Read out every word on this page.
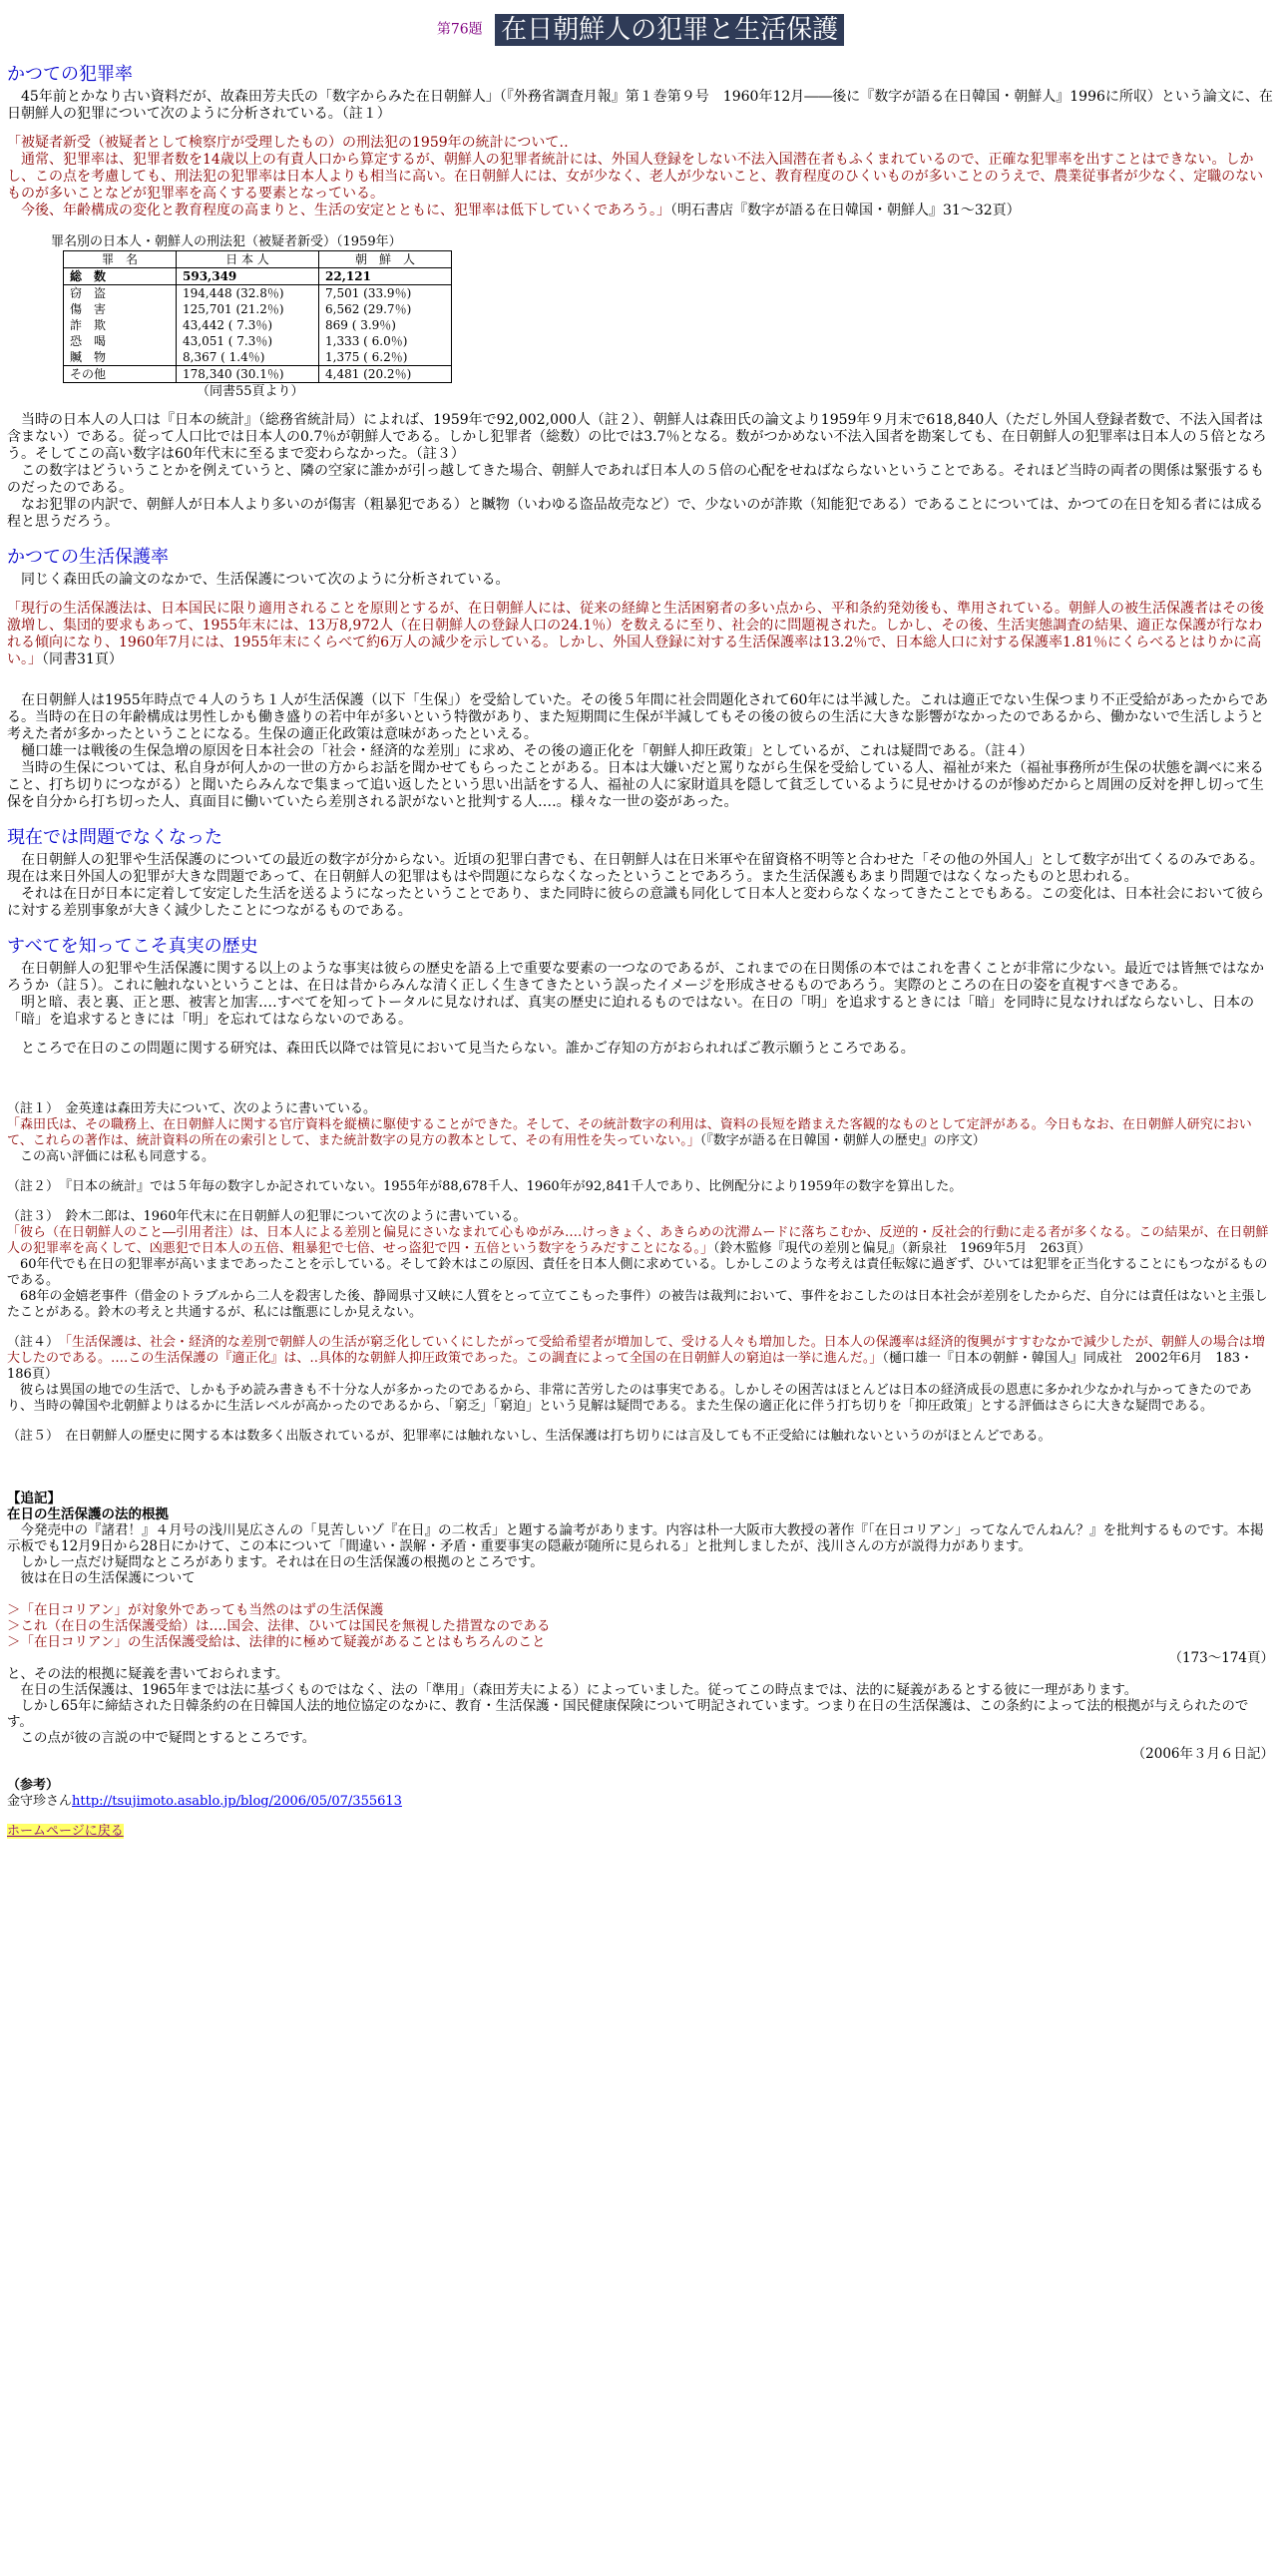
第76題 在日朝鮮人の犯罪と生活保護
かつての犯罪率

　45年前とかなり古い資料だが、故森田芳夫氏の「数字からみた在日朝鮮人」（『外務省調査月報』第１巻第９号　1960年12月――後に『数字が語る在日韓国・朝鮮人』1996に所収）という論文に、在日朝鮮人の犯罪について次のように分析されている。（註１）

「被疑者新受（被疑者として検察庁が受理したもの）の刑法犯の1959年の統計について‥

　通常、犯罪率は、犯罪者数を14歳以上の有責人口から算定するが、朝鮮人の犯罪者統計には、外国人登録をしない不法入国潜在者もふくまれているので、正確な犯罪率を出すことはできない。しかし、この点を考慮しても、刑法犯の犯罪率は日本人よりも相当に高い。在日朝鮮人には、女が少なく、老人が少ないこと、教育程度のひくいものが多いことのうえで、農業従事者が少なく、定職のないものが多いことなどが犯罪率を高くする要素となっている。

　今後、年齢構成の変化と教育程度の高まりと、生活の安定とともに、犯罪率は低下していくであろう。」（明石書店『数字が語る在日韓国・朝鮮人』31～32頁）

罪名別の日本人・朝鮮人の刑法犯（被疑者新受）（1959年）
罪　名	日 本 人	朝　鮮　人
総　数	593,349	22,121
窃　盗	194,448 (32.8％)	7,501 (33.9％)
傷　害	125,701 (21.2％)	6,562 (29.7％)
詐　欺	43,442 ( 7.3％)	869 ( 3.9％)
恐　喝	43,051 ( 7.3％)	1,333 ( 6.0％)
贓　物	8,367 ( 1.4％)	1,375 ( 6.2％)
その他	178,340 (30.1％)	4,481 (20.2％)
（同書55頁より）

　当時の日本人の人口は『日本の統計』（総務省統計局）によれば、1959年で92,002,000人（註２）、朝鮮人は森田氏の論文より1959年９月末で618,840人（ただし外国人登録者数で、不法入国者は含まない）である。従って人口比では日本人の0.7％が朝鮮人である。しかし犯罪者（総数）の比では3.7％となる。数がつかめない不法入国者を勘案しても、在日朝鮮人の犯罪率は日本人の５倍となろう。そしてこの高い数字は60年代末に至るまで変わらなかった。（註３）

　この数字はどういうことかを例えていうと、隣の空家に誰かが引っ越してきた場合、朝鮮人であれば日本人の５倍の心配をせねばならないということである。それほど当時の両者の関係は緊張するものだったのである。

　なお犯罪の内訳で、朝鮮人が日本人より多いのが傷害（粗暴犯である）と贓物（いわゆる盗品故売など）で、少ないのが詐欺（知能犯である）であることについては、かつての在日を知る者には成る程と思うだろう。

かつての生活保護率

　同じく森田氏の論文のなかで、生活保護について次のように分析されている。

「現行の生活保護法は、日本国民に限り適用されることを原則とするが、在日朝鮮人には、従来の経緯と生活困窮者の多い点から、平和条約発効後も、準用されている。朝鮮人の被生活保護者はその後激増し、集団的要求もあって、1955年末には、13万8,972人（在日朝鮮人の登録人口の24.1％）を数えるに至り、社会的に問題視された。しかし、その後、生活実態調査の結果、適正な保護が行なわれる傾向になり、1960年7月には、1955年末にくらべて約6万人の減少を示している。しかし、外国人登録に対する生活保護率は13.2％で、日本総人口に対する保護率1.81％にくらべるとはりかに高い。」（同書31頁）

　在日朝鮮人は1955年時点で４人のうち１人が生活保護（以下「生保」）を受給していた。その後５年間に社会問題化されて60年には半減した。これは適正でない生保つまり不正受給があったからである。当時の在日の年齢構成は男性しかも働き盛りの若中年が多いという特徴があり、また短期間に生保が半減してもその後の彼らの生活に大きな影響がなかったのであるから、働かないで生活しようと考えた者が多かったということになる。生保の適正化政策は意味があったといえる。

　樋口雄一は戦後の生保急増の原因を日本社会の「社会・経済的な差別」に求め、その後の適正化を「朝鮮人抑圧政策」としているが、これは疑問である。（註４）

　当時の生保については、私自身が何人かの一世の方からお話を聞かせてもらったことがある。日本は大嫌いだと罵りながら生保を受給している人、福祉が来た（福祉事務所が生保の状態を調べに来ること、打ち切りにつながる）と聞いたらみんなで集まって追い返したという思い出話をする人、福祉の人に家財道具を隠して貧乏しているように見せかけるのが惨めだからと周囲の反対を押し切って生保を自分から打ち切った人、真面目に働いていたら差別される訳がないと批判する人‥‥。様々な一世の姿があった。

現在では問題でなくなった

　在日朝鮮人の犯罪や生活保護のについての最近の数字が分からない。近頃の犯罪白書でも、在日朝鮮人は在日米軍や在留資格不明等と合わせた「その他の外国人」として数字が出てくるのみである。現在は来日外国人の犯罪が大きな問題であって、在日朝鮮人の犯罪はもはや問題にならなくなったということであろう。また生活保護もあまり問題ではなくなったものと思われる。

　それは在日が日本に定着して安定した生活を送るようになったということであり、また同時に彼らの意識も同化して日本人と変わらなくなってきたことでもある。この変化は、日本社会において彼らに対する差別事象が大きく減少したことにつながるものである。

すべてを知ってこそ真実の歴史

　在日朝鮮人の犯罪や生活保護に関する以上のような事実は彼らの歴史を語る上で重要な要素の一つなのであるが、これまでの在日関係の本ではこれを書くことが非常に少ない。最近では皆無ではなかろうか（註５）。これに触れないということは、在日は昔からみんな清く正しく生きてきたという誤ったイメージを形成させるものであろう。実際のところの在日の姿を直視すべきである。

　明と暗、表と裏、正と悪、被害と加害‥‥すべてを知ってトータルに見なければ、真実の歴史に迫れるものではない。在日の「明」を追求するときには「暗」を同時に見なければならないし、日本の「暗」を追求するときには「明」を忘れてはならないのである。

　ところで在日のこの問題に関する研究は、森田氏以降では管見において見当たらない。誰かご存知の方がおられればご教示願うところである。

（註１）　金英達は森田芳夫について、次のように書いている。

「森田氏は、その職務上、在日朝鮮人に関する官庁資料を縦横に駆使することができた。そして、その統計数字の利用は、資料の長短を踏まえた客観的なものとして定評がある。今日もなお、在日朝鮮人研究において、これらの著作は、統計資料の所在の索引として、また統計数字の見方の教本として、その有用性を失っていない。」（『数字が語る在日韓国・朝鮮人の歴史』の序文）

　この高い評価には私も同意する。

（註２）　『日本の統計』では５年毎の数字しか記されていない。1955年が88,678千人、1960年が92,841千人であり、比例配分により1959年の数字を算出した。

（註３）　鈴木二郎は、1960年代末に在日朝鮮人の犯罪について次のように書いている。

「彼ら（在日朝鮮人のこと―引用者注）は、日本人による差別と偏見にさいなまれて心もゆがみ‥‥けっきょく、あきらめの沈滞ムードに落ちこむか、反逆的・反社会的行動に走る者が多くなる。この結果が、在日朝鮮人の犯罪率を高くして、凶悪犯で日本人の五倍、粗暴犯で七倍、せっ盗犯で四・五倍という数字をうみだすことになる。」（鈴木監修『現代の差別と偏見』（新泉社　1969年5月　263頁）

　60年代でも在日の犯罪率が高いままであったことを示している。そして鈴木はこの原因、責任を日本人側に求めている。しかしこのような考えは責任転嫁に過ぎず、ひいては犯罪を正当化することにもつながるものである。

　68年の金嬉老事件（借金のトラブルから二人を殺害した後、静岡県寸又峡に人質をとって立てこもった事件）の被告は裁判において、事件をおこしたのは日本社会が差別をしたからだ、自分には責任はないと主張したことがある。鈴木の考えと共通するが、私には甑悪にしか見えない。

（註４）　「生活保護は、社会・経済的な差別で朝鮮人の生活が窮乏化していくにしたがって受給希望者が増加して、受ける人々も増加した。日本人の保護率は経済的復興がすすむなかで減少したが、朝鮮人の場合は増大したのである。‥‥この生活保護の『適正化』は、‥具体的な朝鮮人抑圧政策であった。この調査によって全国の在日朝鮮人の窮迫は一挙に進んだ。」（樋口雄一『日本の朝鮮・韓国人』同成社　2002年6月　183・186頁）

　彼らは異国の地での生活で、しかも予め読み書きも不十分な人が多かったのであるから、非常に苦労したのは事実である。しかしその困苦はほとんどは日本の経済成長の恩恵に多かれ少なかれ与かってきたのであり、当時の韓国や北朝鮮よりはるかに生活レベルが高かったのであるから、「窮乏」「窮迫」という見解は疑問である。また生保の適正化に伴う打ち切りを「抑圧政策」とする評価はさらに大きな疑問である。

（註５）　在日朝鮮人の歴史に関する本は数多く出版されているが、犯罪率には触れないし、生活保護は打ち切りには言及しても不正受給には触れないというのがほとんどである。

【追記】

在日の生活保護の法的根拠

　今発売中の『諸君！』４月号の浅川晃広さんの「見苦しいゾ『在日』の二枚舌」と題する論考があります。内容は朴一大阪市大教授の著作『「在日コリアン」ってなんでんねん？』を批判するものです。本掲示板でも12月9日から28日にかけて、この本について「間違い・誤解・矛盾・重要事実の隠蔽が随所に見られる」と批判しましたが、浅川さんの方が説得力があります。

　しかし一点だけ疑問なところがあります。それは在日の生活保護の根拠のところです。

　彼は在日の生活保護について

＞「在日コリアン」が対象外であっても当然のはずの生活保護

＞これ（在日の生活保護受給）は‥‥国会、法律、ひいては国民を無視した措置なのである

＞「在日コリアン」の生活保護受給は、法律的に極めて疑義があることはもちろんのこと

（173～174頁）

と、その法的根拠に疑義を書いておられます。

　在日の生活保護は、1965年までは法に基づくものではなく、法の「準用」（森田芳夫による）によっていました。従ってこの時点までは、法的に疑義があるとする彼に一理があります。

　しかし65年に締結された日韓条約の在日韓国人法的地位協定のなかに、教育・生活保護・国民健康保険について明記されています。つまり在日の生活保護は、この条約によって法的根拠が与えられたのです。

　この点が彼の言説の中で疑問とするところです。

（2006年３月６日記）

（参考）

金守珍さんhttp://tsujimoto.asablo.jp/blog/2006/05/07/355613

ホームページに戻る
